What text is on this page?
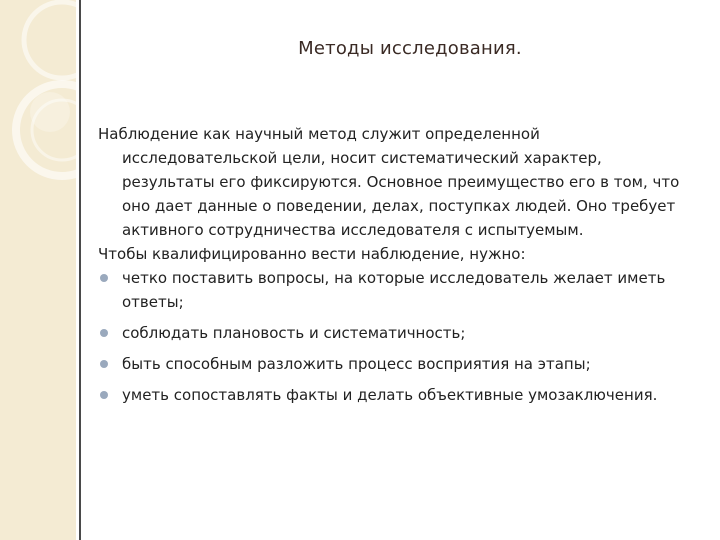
Методы исследования.

Наблюдение как научный метод служит определенной исследовательской цели, носит систематический характер, результаты его фиксируются. Основное преимущество его в том, что оно дает данные о поведении, делах, поступках людей. Оно требует активного сотрудничества исследователя с испытуемым.

Чтобы квалифицированно вести наблюдение, нужно:

четко поставить вопросы, на которые исследователь желает иметь ответы;
соблюдать плановость и систематичность;
быть способным разложить процесс восприятия на этапы;
уметь сопоставлять факты и делать объективные умозаключения.
